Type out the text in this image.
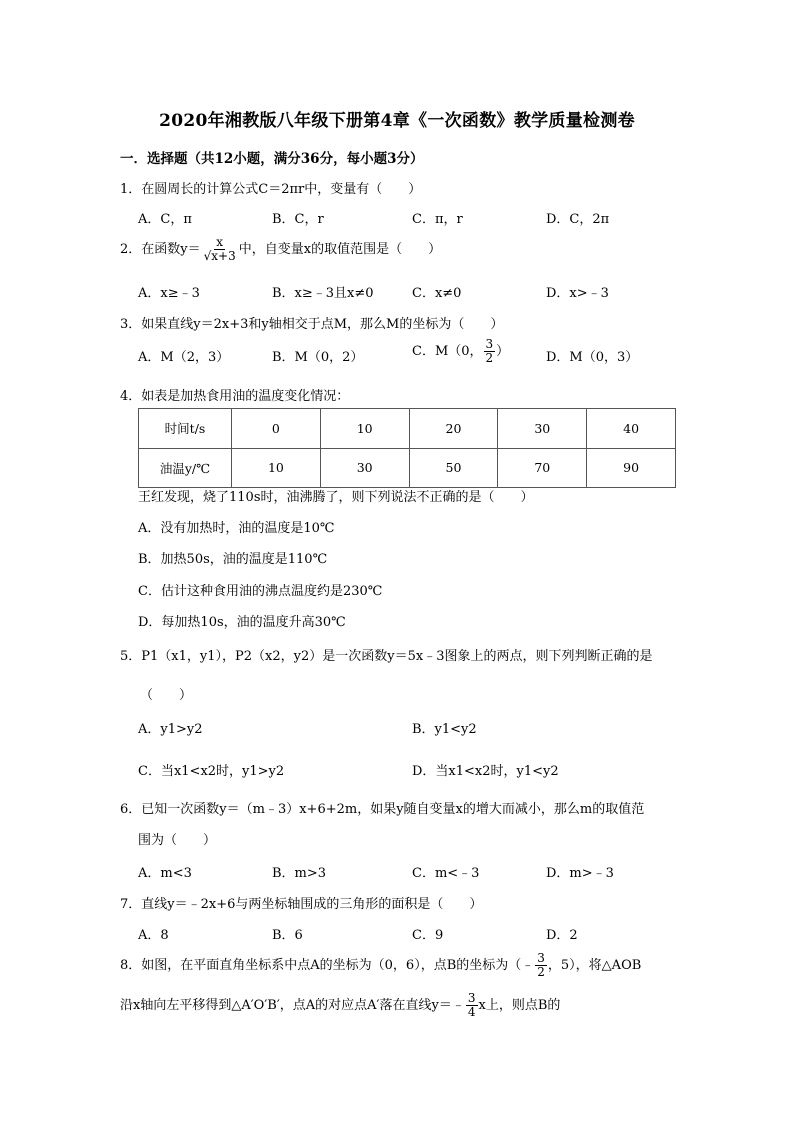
2020年湘教版八年级下册第4章《一次函数》教学质量检测卷
一．选择题（共12小题，满分36分，每小题3分）
1．在圆周长的计算公式C＝2πr中，变量有（　　）
A．C，π	B．C，r	C．π，r	D．C，2π
2．在函数$y= \frac{x}{√x+3}$ 中，自变量x的取值范围是（　　）
A．x≥﹣3	B．x≥﹣3且x≠0	C．x≠0	D．x>﹣3
3．如果直线y＝2x+3和y轴相交于点M，那么M的坐标为（　　）
A．M（2，3）	B．M（0，2）	C．M（0， $\frac{3}{2}$ ）	D．M（0，3）
4．如表是加热食用油的温度变化情况：
时间t/s	0	10	20	30	40
油温y/℃	10	30	50	70	90
王红发现，烧了110s时，油沸腾了，则下列说法不正确的是（　　）
A．没有加热时，油的温度是10℃
B．加热50s，油的温度是110℃
C．估计这种食用油的沸点温度约是230℃
D．每加热10s，油的温度升高30℃
5．P1（x1，y1），P2（x2，y2）是一次函数y＝5x﹣3图象上的两点，则下列判断正确的是
（　　）
A．y1>y2	B．y1<y2
C．当x1<x2时，y1>y2	D．当x1<x2时，y1<y2
6．已知一次函数y＝（m﹣3）x+6+2m，如果y随自变量x的增大而减小，那么m的取值范
围为（　　）
A．m<3	B．m>3	C．m<﹣3	D．m>﹣3
7．直线y＝﹣2x+6与两坐标轴围成的三角形的面积是（　　）
A．8	B．6	C．9	D．2
8．如图，在平面直角坐标系中点A的坐标为（0，6），点B的坐标为（﹣ $\frac{3}{2}$ ，5），将△AOB
沿x轴向左平移得到△A′O′B′，点A的对应点A′落在直线y＝﹣ $\frac{3}{4}$ x上，则点B的
